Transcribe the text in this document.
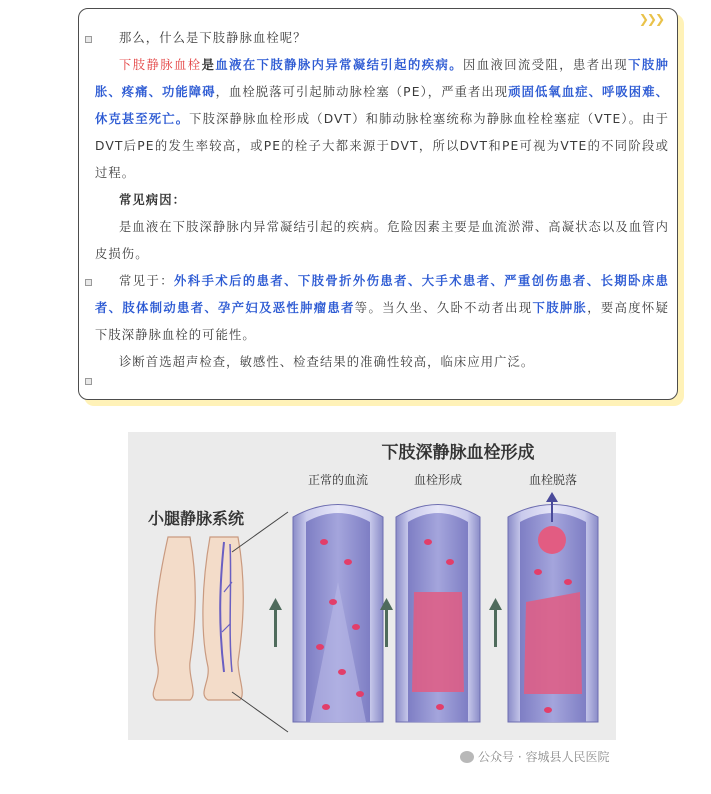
❯❯❯
那么，什么是下肢静脉血栓呢？
下肢静脉血栓是血液在下肢静脉内异常凝结引起的疾病。因血液回流受阻，患者出现下肢肿胀、疼痛、功能障碍，血栓脱落可引起肺动脉栓塞（PE），严重者出现顽固低氧血症、呼吸困难、休克甚至死亡。下肢深静脉血栓形成（DVT）和肺动脉栓塞统称为静脉血栓栓塞症（VTE）。由于DVT后PE的发生率较高，或PE的栓子大都来源于DVT，所以DVT和PE可视为VTE的不同阶段或过程。
常见病因：
是血液在下肢深静脉内异常凝结引起的疾病。危险因素主要是血流淤滞、高凝状态以及血管内皮损伤。
常见于：外科手术后的患者、下肢骨折外伤患者、大手术患者、严重创伤患者、长期卧床患者、肢体制动患者、孕产妇及恶性肿瘤患者等。当久坐、久卧不动者出现下肢肿胀，要高度怀疑下肢深静脉血栓的可能性。
诊断首选超声检查，敏感性、检查结果的准确性较高，临床应用广泛。
下肢深静脉血栓形成
小腿静脉系统
正常的血流	血栓形成	血栓脱落
公众号 · 容城县人民医院
